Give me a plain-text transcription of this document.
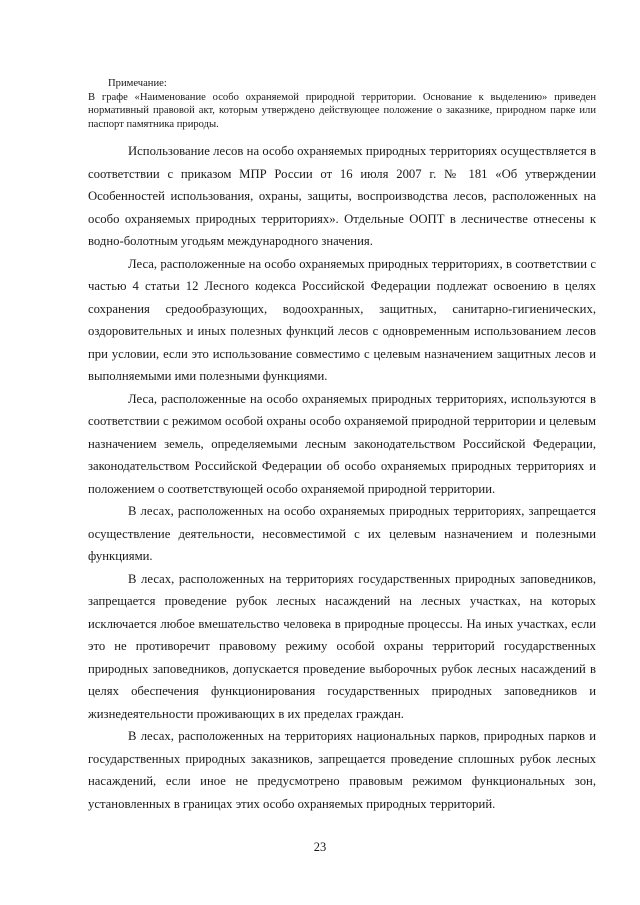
Примечание:
В графе «Наименование особо охраняемой природной территории. Основание к выделению» приведен нормативный правовой акт, которым утверждено действующее положение о заказнике, природном парке или паспорт памятника природы.

Использование лесов на особо охраняемых природных территориях осуществляется в соответствии с приказом МПР России от 16 июля 2007 г. № 181 «Об утверждении Особенностей использования, охраны, защиты, воспроизводства лесов, расположенных на особо охраняемых природных территориях». Отдельные ООПТ в лесничестве отнесены к водно-болотным угодьям международного значения.

Леса, расположенные на особо охраняемых природных территориях, в соответствии с частью 4 статьи 12 Лесного кодекса Российской Федерации подлежат освоению в целях сохранения средообразующих, водоохранных, защитных, санитарно-гигиенических, оздоровительных и иных полезных функций лесов с одновременным использованием лесов при условии, если это использование совместимо с целевым назначением защитных лесов и выполняемыми ими полезными функциями.

Леса, расположенные на особо охраняемых природных территориях, используются в соответствии с режимом особой охраны особо охраняемой природной территории и целевым назначением земель, определяемыми лесным законодательством Российской Федерации, законодательством Российской Федерации об особо охраняемых природных территориях и положением о соответствующей особо охраняемой природной территории.

В лесах, расположенных на особо охраняемых природных территориях, запрещается осуществление деятельности, несовместимой с их целевым назначением и полезными функциями.

В лесах, расположенных на территориях государственных природных заповедников, запрещается проведение рубок лесных насаждений на лесных участках, на которых исключается любое вмешательство человека в природные процессы. На иных участках, если это не противоречит правовому режиму особой охраны территорий государственных природных заповедников, допускается проведение выборочных рубок лесных насаждений в целях обеспечения функционирования государственных природных заповедников и жизнедеятельности проживающих в их пределах граждан.

В лесах, расположенных на территориях национальных парков, природных парков и государственных природных заказников, запрещается проведение сплошных рубок лесных насаждений, если иное не предусмотрено правовым режимом функциональных зон, установленных в границах этих особо охраняемых природных территорий.

23
